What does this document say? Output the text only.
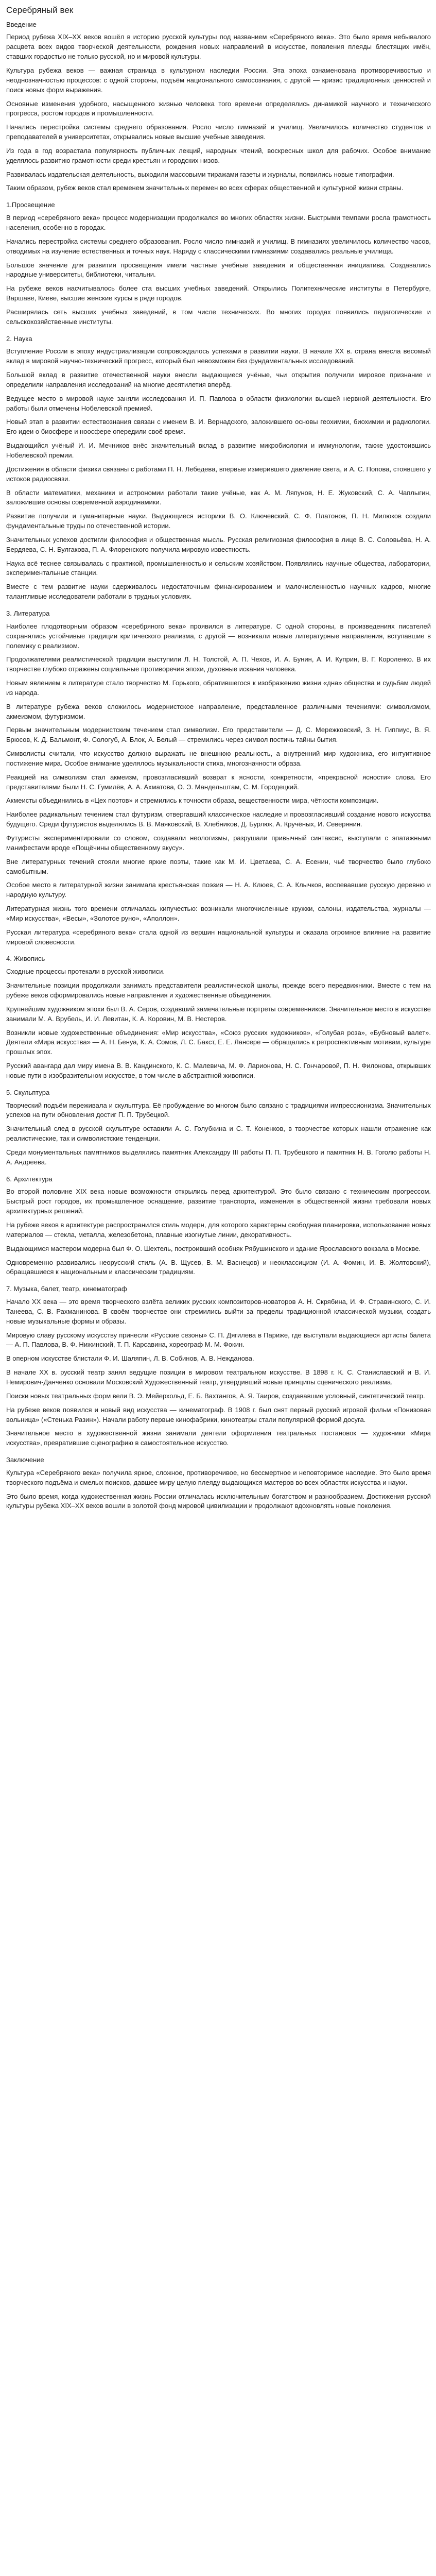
Серебряный век
Введение

Период рубежа XIX–XX веков вошёл в историю русской культуры под названием «Серебряного века». Это было время небывалого расцвета всех видов творческой деятельности, рождения новых направлений в искусстве, появления плеяды блестящих имён, ставших гордостью не только русской, но и мировой культуры.

Культура рубежа веков — важная страница в культурном наследии России. Эта эпоха ознаменована противоречивостью и неоднозначностью процессов: с одной стороны, подъём национального самосознания, с другой — кризис традиционных ценностей и поиск новых форм выражения.

Основные изменения удобного, насыщенного жизнью человека того времени определялись динамикой научного и технического прогресса, ростом городов и промышленности.

Начались перестройка системы среднего образования. Росло число гимназий и училищ. Увеличилось количество студентов и преподавателей в университетах, открывались новые высшие учебные заведения.

Из года в год возрастала популярность публичных лекций, народных чтений, воскресных школ для рабочих. Особое внимание уделялось развитию грамотности среди крестьян и городских низов.

Развивалась издательская деятельность, выходили массовыми тиражами газеты и журналы, появились новые типографии.

Таким образом, рубеж веков стал временем значительных перемен во всех сферах общественной и культурной жизни страны.

1.Просвещение

В период «серебряного века» процесс модернизации продолжался во многих областях жизни. Быстрыми темпами росла грамотность населения, особенно в городах.

Начались перестройка системы среднего образования. Росло число гимназий и училищ. В гимназиях увеличилось количество часов, отводимых на изучение естественных и точных наук. Наряду с классическими гимназиями создавались реальные училища.

Большое значение для развития просвещения имели частные учебные заведения и общественная инициатива. Создавались народные университеты, библиотеки, читальни.

На рубеже веков насчитывалось более ста высших учебных заведений. Открылись Политехнические институты в Петербурге, Варшаве, Киеве, высшие женские курсы в ряде городов.

Расширялась сеть высших учебных заведений, в том числе технических. Во многих городах появились педагогические и сельскохозяйственные институты.

2. Наука

Вступление России в эпоху индустриализации сопровождалось успехами в развитии науки. В начале XX в. страна внесла весомый вклад в мировой научно-технический прогресс, который был невозможен без фундаментальных исследований.

Большой вклад в развитие отечественной науки внесли выдающиеся учёные, чьи открытия получили мировое признание и определили направления исследований на многие десятилетия вперёд.

Ведущее место в мировой науке заняли исследования И. П. Павлова в области физиологии высшей нервной деятельности. Его работы были отмечены Нобелевской премией.

Новый этап в развитии естествознания связан с именем В. И. Вернадского, заложившего основы геохимии, биохимии и радиологии. Его идеи о биосфере и ноосфере опередили своё время.

Выдающийся учёный И. И. Мечников внёс значительный вклад в развитие микробиологии и иммунологии, также удостоившись Нобелевской премии.

Достижения в области физики связаны с работами П. Н. Лебедева, впервые измерившего давление света, и А. С. Попова, стоявшего у истоков радиосвязи.

В области математики, механики и астрономии работали такие учёные, как А. М. Ляпунов, Н. Е. Жуковский, С. А. Чаплыгин, заложившие основы современной аэродинамики.

Развитие получили и гуманитарные науки. Выдающиеся историки В. О. Ключевский, С. Ф. Платонов, П. Н. Милюков создали фундаментальные труды по отечественной истории.

Значительных успехов достигли философия и общественная мысль. Русская религиозная философия в лице В. С. Соловьёва, Н. А. Бердяева, С. Н. Булгакова, П. А. Флоренского получила мировую известность.

Наука всё теснее связывалась с практикой, промышленностью и сельским хозяйством. Появлялись научные общества, лаборатории, экспериментальные станции.

Вместе с тем развитие науки сдерживалось недостаточным финансированием и малочисленностью научных кадров, многие талантливые исследователи работали в трудных условиях.

3. Литература

Наиболее плодотворным образом «серебряного века» проявился в литературе. С одной стороны, в произведениях писателей сохранялись устойчивые традиции критического реализма, с другой — возникали новые литературные направления, вступавшие в полемику с реализмом.

Продолжателями реалистической традиции выступили Л. Н. Толстой, А. П. Чехов, И. А. Бунин, А. И. Куприн, В. Г. Короленко. В их творчестве глубоко отражены социальные противоречия эпохи, духовные искания человека.

Новым явлением в литературе стало творчество М. Горького, обратившегося к изображению жизни «дна» общества и судьбам людей из народа.

В литературе рубежа веков сложилось модернистское направление, представленное различными течениями: символизмом, акмеизмом, футуризмом.

Первым значительным модернистским течением стал символизм. Его представители — Д. С. Мережковский, З. Н. Гиппиус, В. Я. Брюсов, К. Д. Бальмонт, Ф. Сологуб, А. Блок, А. Белый — стремились через символ постичь тайны бытия.

Символисты считали, что искусство должно выражать не внешнюю реальность, а внутренний мир художника, его интуитивное постижение мира. Особое внимание уделялось музыкальности стиха, многозначности образа.

Реакцией на символизм стал акмеизм, провозгласивший возврат к ясности, конкретности, «прекрасной ясности» слова. Его представителями были Н. С. Гумилёв, А. А. Ахматова, О. Э. Мандельштам, С. М. Городецкий.

Акмеисты объединились в «Цех поэтов» и стремились к точности образа, вещественности мира, чёткости композиции.

Наиболее радикальным течением стал футуризм, отвергавший классическое наследие и провозгласивший создание нового искусства будущего. Среди футуристов выделялись В. В. Маяковский, В. Хлебников, Д. Бурлюк, А. Кручёных, И. Северянин.

Футуристы экспериментировали со словом, создавали неологизмы, разрушали привычный синтаксис, выступали с эпатажными манифестами вроде «Пощёчины общественному вкусу».

Вне литературных течений стояли многие яркие поэты, такие как М. И. Цветаева, С. А. Есенин, чьё творчество было глубоко самобытным.

Особое место в литературной жизни занимала крестьянская поэзия — Н. А. Клюев, С. А. Клычков, воспевавшие русскую деревню и народную культуру.

Литературная жизнь того времени отличалась кипучестью: возникали многочисленные кружки, салоны, издательства, журналы — «Мир искусства», «Весы», «Золотое руно», «Аполлон».

Русская литература «серебряного века» стала одной из вершин национальной культуры и оказала огромное влияние на развитие мировой словесности.

4. Живопись

Сходные процессы протекали в русской живописи.

Значительные позиции продолжали занимать представители реалистической школы, прежде всего передвижники. Вместе с тем на рубеже веков сформировались новые направления и художественные объединения.

Крупнейшим художником эпохи был В. А. Серов, создавший замечательные портреты современников. Значительное место в искусстве занимали М. А. Врубель, И. И. Левитан, К. А. Коровин, М. В. Нестеров.

Возникли новые художественные объединения: «Мир искусства», «Союз русских художников», «Голубая роза», «Бубновый валет». Деятели «Мира искусства» — А. Н. Бенуа, К. А. Сомов, Л. С. Бакст, Е. Е. Лансере — обращались к ретроспективным мотивам, культуре прошлых эпох.

Русский авангард дал миру имена В. В. Кандинского, К. С. Малевича, М. Ф. Ларионова, Н. С. Гончаровой, П. Н. Филонова, открывших новые пути в изобразительном искусстве, в том числе в абстрактной живописи.

5. Скульптура

Творческий подъём переживала и скульптура. Её пробуждение во многом было связано с традициями импрессионизма. Значительных успехов на пути обновления достиг П. П. Трубецкой.

Значительный след в русской скульптуре оставили А. С. Голубкина и С. Т. Коненков, в творчестве которых нашли отражение как реалистические, так и символистские тенденции.

Среди монументальных памятников выделялись памятник Александру III работы П. П. Трубецкого и памятник Н. В. Гоголю работы Н. А. Андреева.

6. Архитектура

Во второй половине XIX века новые возможности открылись перед архитектурой. Это было связано с техническим прогрессом. Быстрый рост городов, их промышленное оснащение, развитие транспорта, изменения в общественной жизни требовали новых архитектурных решений.

На рубеже веков в архитектуре распространился стиль модерн, для которого характерны свободная планировка, использование новых материалов — стекла, металла, железобетона, плавные изогнутые линии, декоративность.

Выдающимся мастером модерна был Ф. О. Шехтель, построивший особняк Рябушинского и здание Ярославского вокзала в Москве.

Одновременно развивались неорусский стиль (А. В. Щусев, В. М. Васнецов) и неоклассицизм (И. А. Фомин, И. В. Жолтовский), обращавшиеся к национальным и классическим традициям.

7. Музыка, балет, театр, кинематограф

Начало XX века — это время творческого взлёта великих русских композиторов-новаторов А. Н. Скрябина, И. Ф. Стравинского, С. И. Танеева, С. В. Рахманинова. В своём творчестве они стремились выйти за пределы традиционной классической музыки, создать новые музыкальные формы и образы.

Мировую славу русскому искусству принесли «Русские сезоны» С. П. Дягилева в Париже, где выступали выдающиеся артисты балета — А. П. Павлова, В. Ф. Нижинский, Т. П. Карсавина, хореограф М. М. Фокин.

В оперном искусстве блистали Ф. И. Шаляпин, Л. В. Собинов, А. В. Нежданова.

В начале XX в. русский театр занял ведущие позиции в мировом театральном искусстве. В 1898 г. К. С. Станиславский и В. И. Немирович-Данченко основали Московский Художественный театр, утвердивший новые принципы сценического реализма.

Поиски новых театральных форм вели В. Э. Мейерхольд, Е. Б. Вахтангов, А. Я. Таиров, создававшие условный, синтетический театр.

На рубеже веков появился и новый вид искусства — кинематограф. В 1908 г. был снят первый русский игровой фильм «Понизовая вольница» («Стенька Разин»). Начали работу первые кинофабрики, кинотеатры стали популярной формой досуга.

Значительное место в художественной жизни занимали деятели оформления театральных постановок — художники «Мира искусства», превратившие сценографию в самостоятельное искусство.

Заключение

Культура «Серебряного века» получила яркое, сложное, противоречивое, но бессмертное и неповторимое наследие. Это было время творческого подъёма и смелых поисков, давшее миру целую плеяду выдающихся мастеров во всех областях искусства и науки.

Это было время, когда художественная жизнь России отличалась исключительным богатством и разнообразием. Достижения русской культуры рубежа XIX–XX веков вошли в золотой фонд мировой цивилизации и продолжают вдохновлять новые поколения.
